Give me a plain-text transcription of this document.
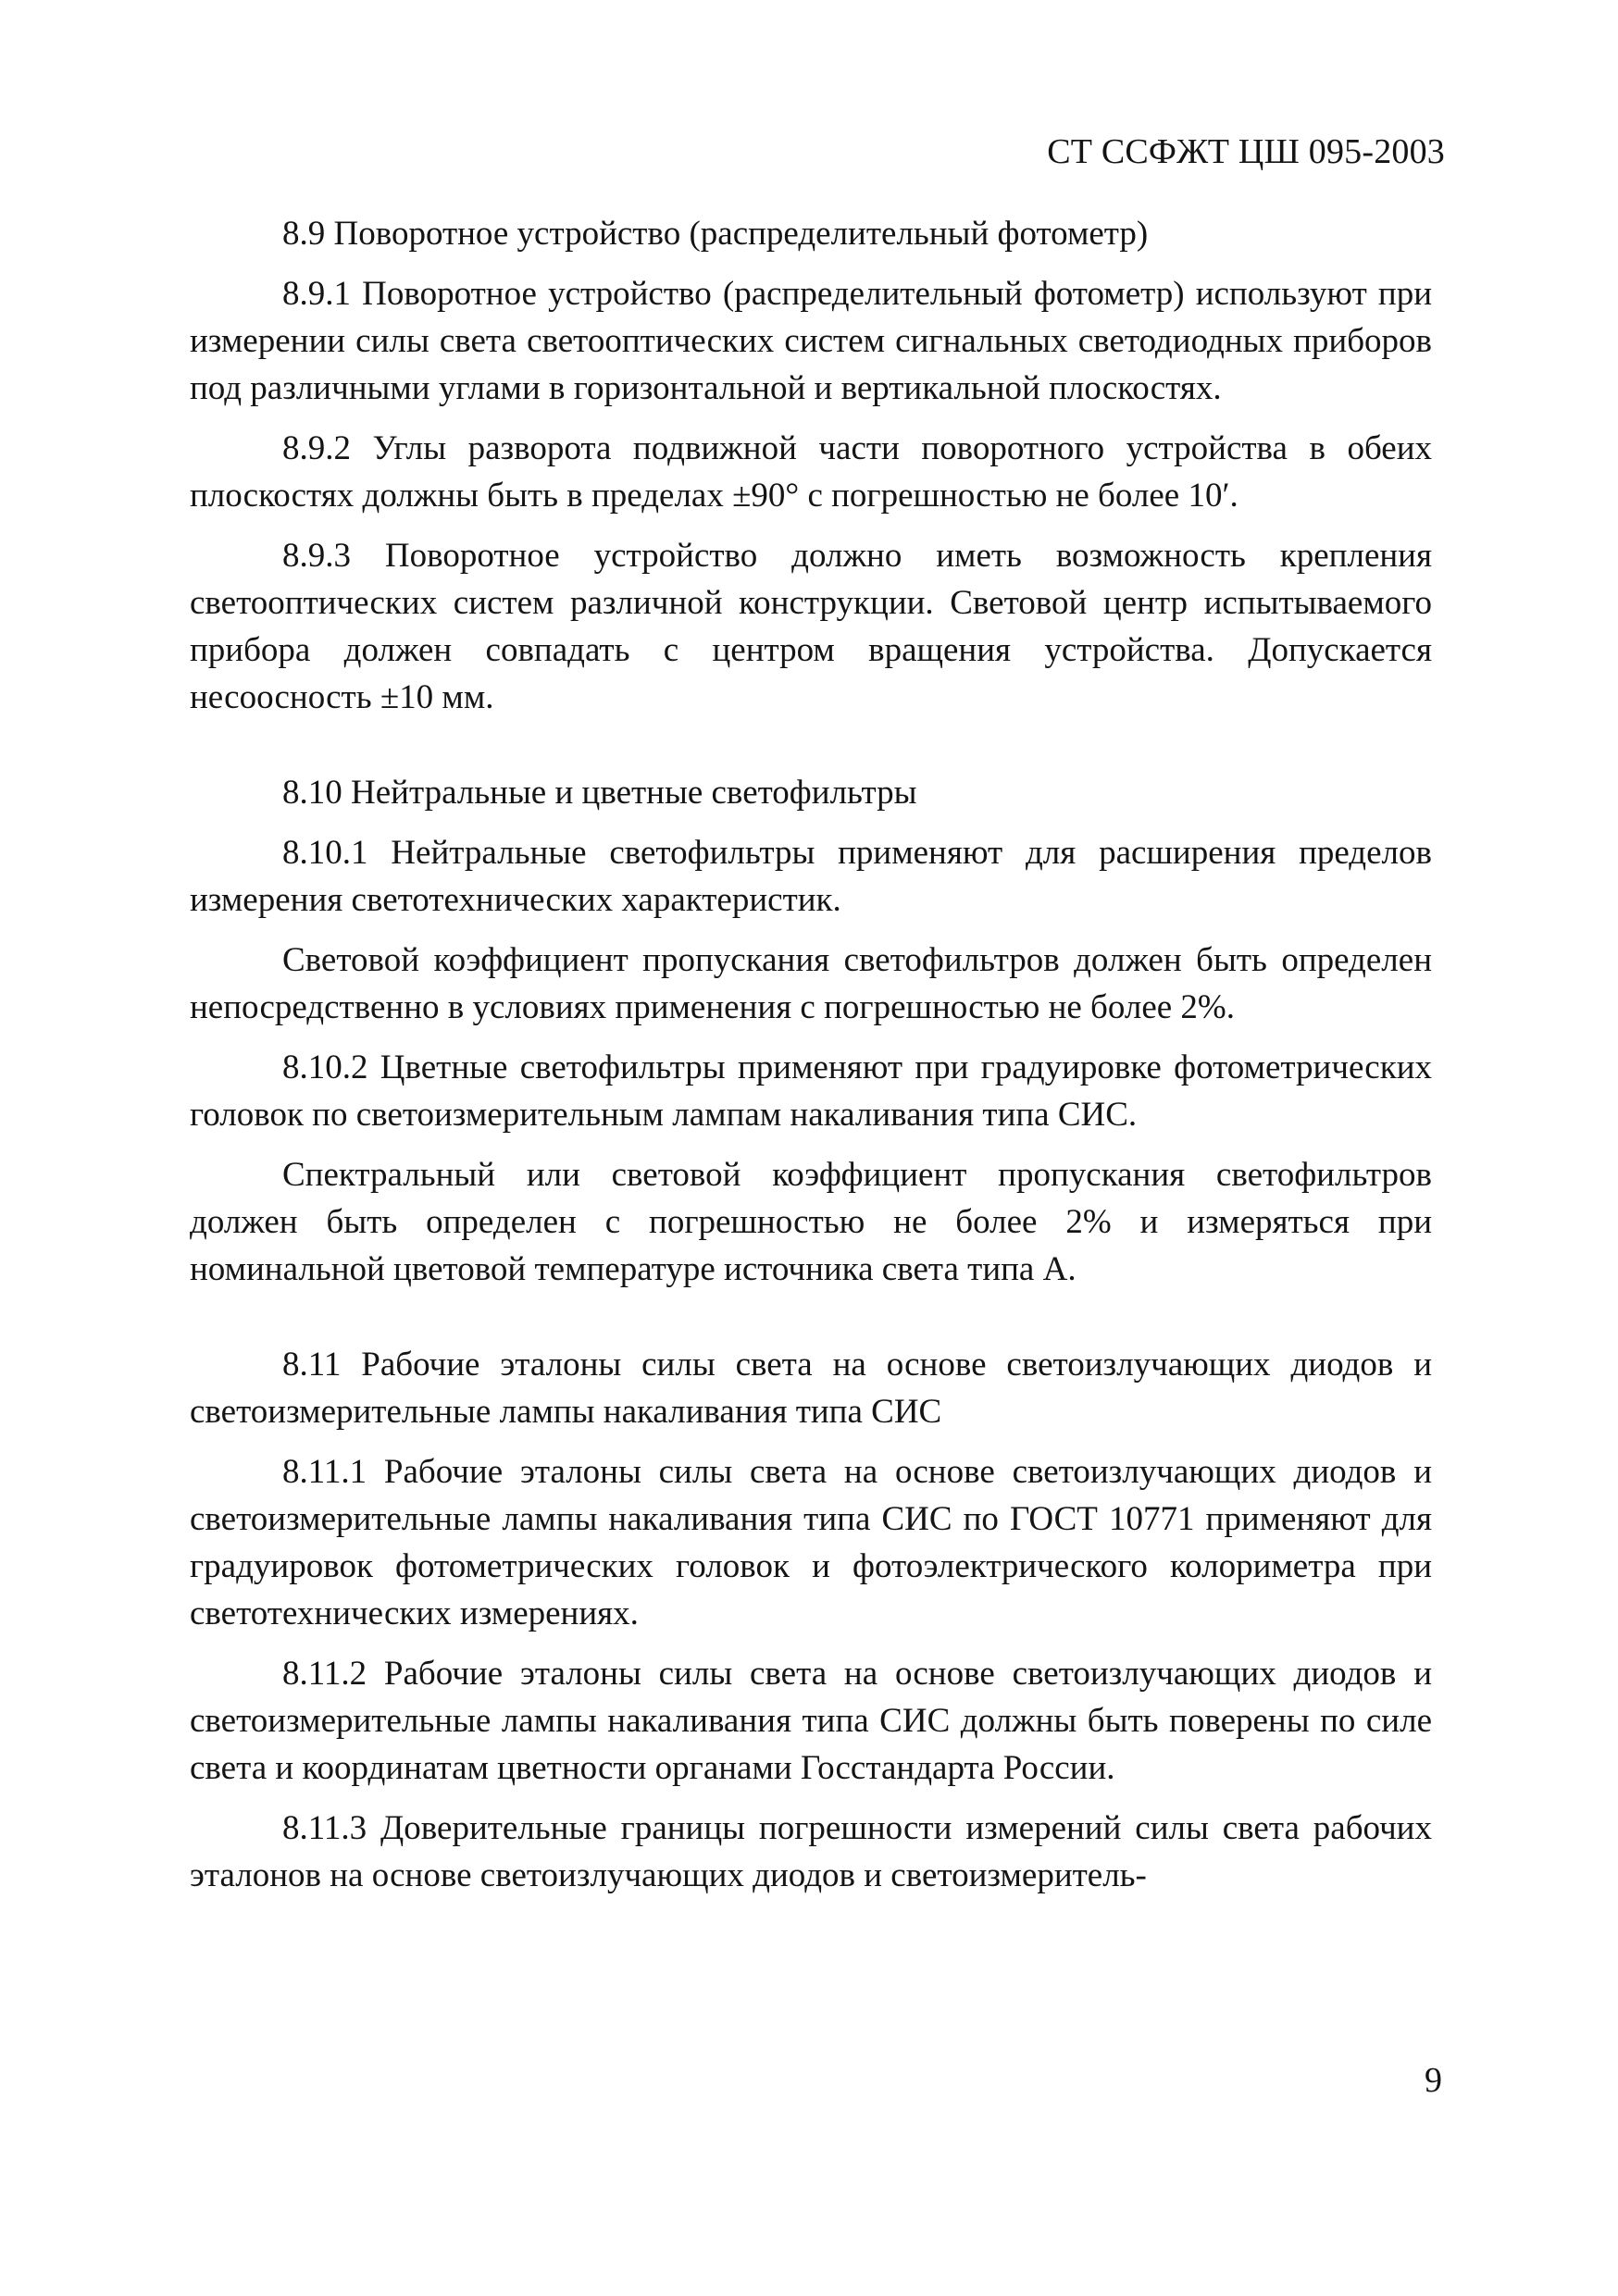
СТ ССФЖТ ЦШ 095-2003

8.9 Поворотное устройство (распределительный фотометр)

8.9.1 Поворотное устройство (распределительный фотометр) используют при измерении силы света светооптических систем сигнальных светодиодных приборов под различными углами в горизонтальной и вертикальной плоскостях.

8.9.2 Углы разворота подвижной части поворотного устройства в обеих плоскостях должны быть в пределах ±90° с погрешностью не более 10′.

8.9.3 Поворотное устройство должно иметь возможность крепления светооптических систем различной конструкции. Световой центр испытываемого прибора должен совпадать с центром вращения устройства. Допускается несоосность ±10 мм.

8.10 Нейтральные и цветные светофильтры

8.10.1 Нейтральные светофильтры применяют для расширения пределов измерения светотехнических характеристик.

Световой коэффициент пропускания светофильтров должен быть определен непосредственно в условиях применения с погрешностью не более 2%.

8.10.2 Цветные светофильтры применяют при градуировке фотометрических головок по светоизмерительным лампам накаливания типа СИС.

Спектральный или световой коэффициент пропускания светофильтров должен быть определен с погрешностью не более 2% и измеряться при номинальной цветовой температуре источника света типа А.

8.11 Рабочие эталоны силы света на основе светоизлучающих диодов и светоизмерительные лампы накаливания типа СИС

8.11.1 Рабочие эталоны силы света на основе светоизлучающих диодов и светоизмерительные лампы накаливания типа СИС по ГОСТ 10771 применяют для градуировок фотометрических головок и фотоэлектрического колориметра при светотехнических измерениях.

8.11.2 Рабочие эталоны силы света на основе светоизлучающих диодов и светоизмерительные лампы накаливания типа СИС должны быть поверены по силе света и координатам цветности органами Госстандарта России.

8.11.3 Доверительные границы погрешности измерений силы света рабочих эталонов на основе светоизлучающих диодов и светоизмеритель-

9
